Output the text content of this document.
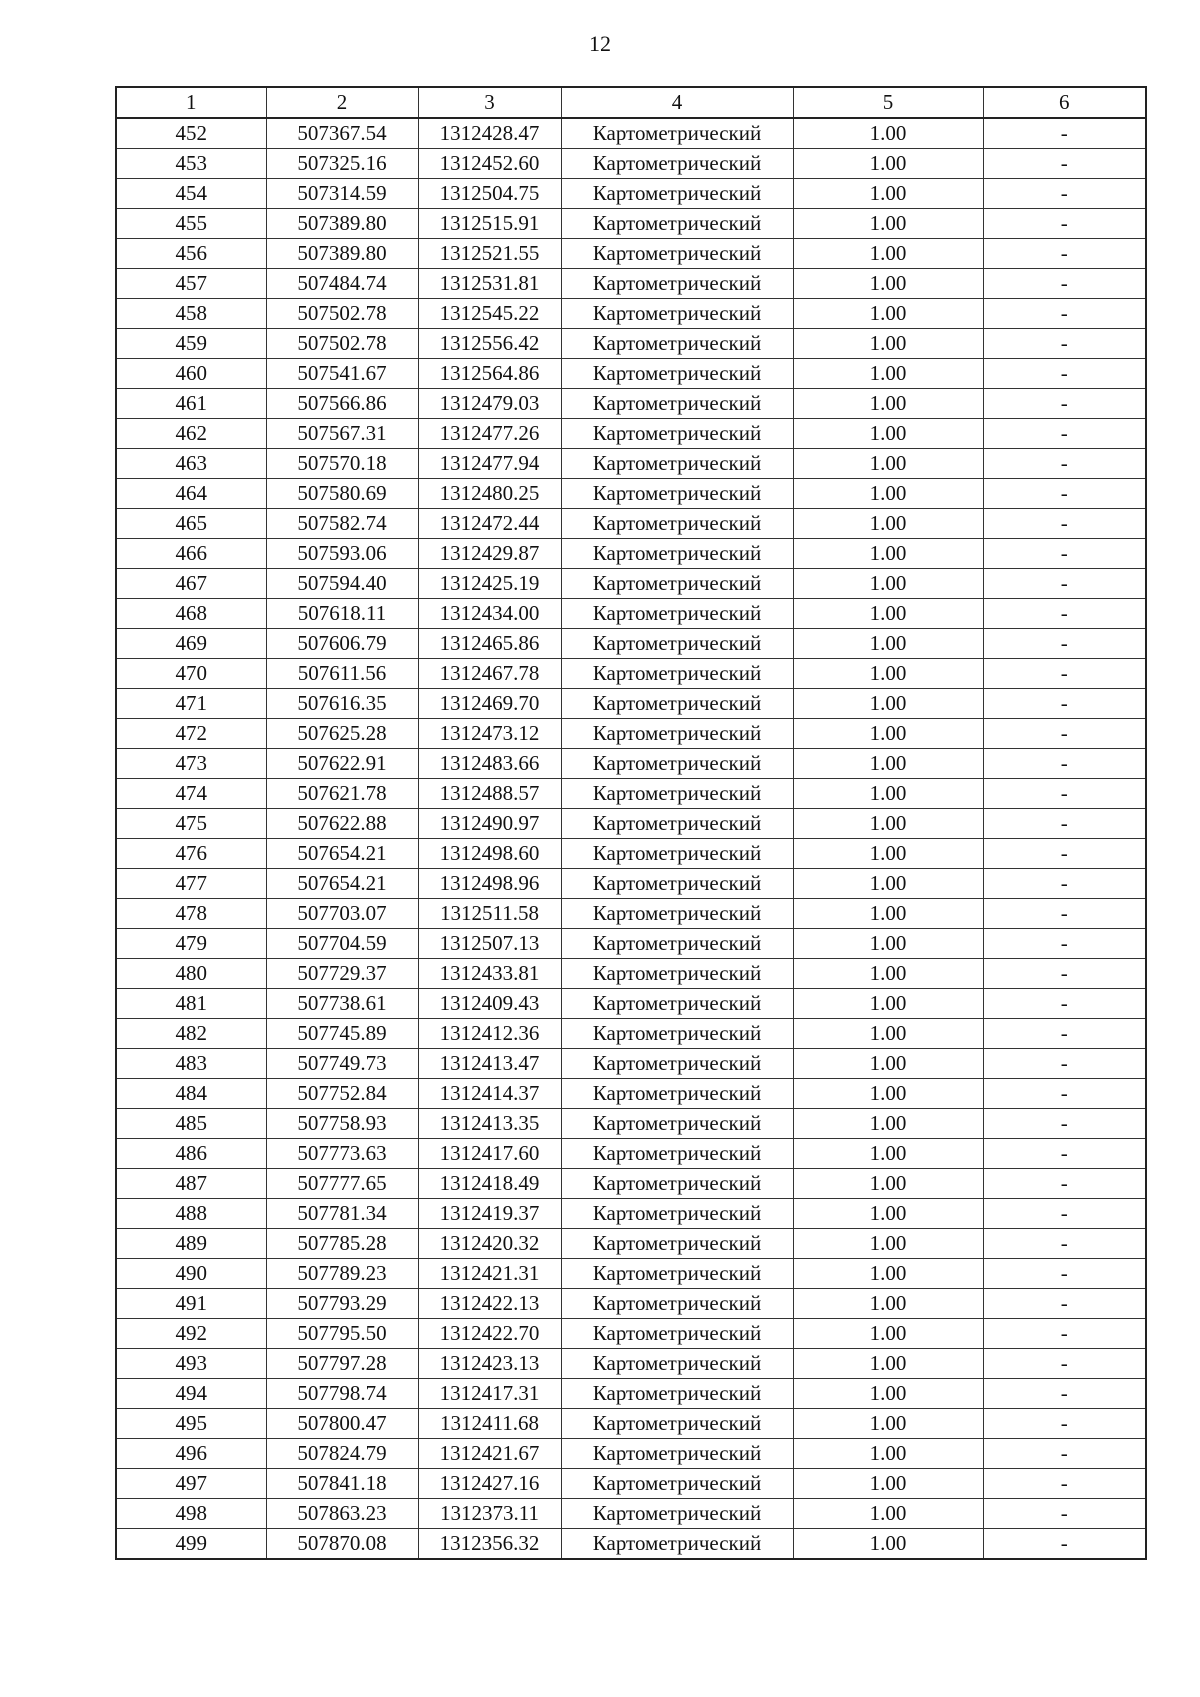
12
1	2	3	4	5	6
452	507367.54	1312428.47	Картометрический	1.00	-
453	507325.16	1312452.60	Картометрический	1.00	-
454	507314.59	1312504.75	Картометрический	1.00	-
455	507389.80	1312515.91	Картометрический	1.00	-
456	507389.80	1312521.55	Картометрический	1.00	-
457	507484.74	1312531.81	Картометрический	1.00	-
458	507502.78	1312545.22	Картометрический	1.00	-
459	507502.78	1312556.42	Картометрический	1.00	-
460	507541.67	1312564.86	Картометрический	1.00	-
461	507566.86	1312479.03	Картометрический	1.00	-
462	507567.31	1312477.26	Картометрический	1.00	-
463	507570.18	1312477.94	Картометрический	1.00	-
464	507580.69	1312480.25	Картометрический	1.00	-
465	507582.74	1312472.44	Картометрический	1.00	-
466	507593.06	1312429.87	Картометрический	1.00	-
467	507594.40	1312425.19	Картометрический	1.00	-
468	507618.11	1312434.00	Картометрический	1.00	-
469	507606.79	1312465.86	Картометрический	1.00	-
470	507611.56	1312467.78	Картометрический	1.00	-
471	507616.35	1312469.70	Картометрический	1.00	-
472	507625.28	1312473.12	Картометрический	1.00	-
473	507622.91	1312483.66	Картометрический	1.00	-
474	507621.78	1312488.57	Картометрический	1.00	-
475	507622.88	1312490.97	Картометрический	1.00	-
476	507654.21	1312498.60	Картометрический	1.00	-
477	507654.21	1312498.96	Картометрический	1.00	-
478	507703.07	1312511.58	Картометрический	1.00	-
479	507704.59	1312507.13	Картометрический	1.00	-
480	507729.37	1312433.81	Картометрический	1.00	-
481	507738.61	1312409.43	Картометрический	1.00	-
482	507745.89	1312412.36	Картометрический	1.00	-
483	507749.73	1312413.47	Картометрический	1.00	-
484	507752.84	1312414.37	Картометрический	1.00	-
485	507758.93	1312413.35	Картометрический	1.00	-
486	507773.63	1312417.60	Картометрический	1.00	-
487	507777.65	1312418.49	Картометрический	1.00	-
488	507781.34	1312419.37	Картометрический	1.00	-
489	507785.28	1312420.32	Картометрический	1.00	-
490	507789.23	1312421.31	Картометрический	1.00	-
491	507793.29	1312422.13	Картометрический	1.00	-
492	507795.50	1312422.70	Картометрический	1.00	-
493	507797.28	1312423.13	Картометрический	1.00	-
494	507798.74	1312417.31	Картометрический	1.00	-
495	507800.47	1312411.68	Картометрический	1.00	-
496	507824.79	1312421.67	Картометрический	1.00	-
497	507841.18	1312427.16	Картометрический	1.00	-
498	507863.23	1312373.11	Картометрический	1.00	-
499	507870.08	1312356.32	Картометрический	1.00	-
